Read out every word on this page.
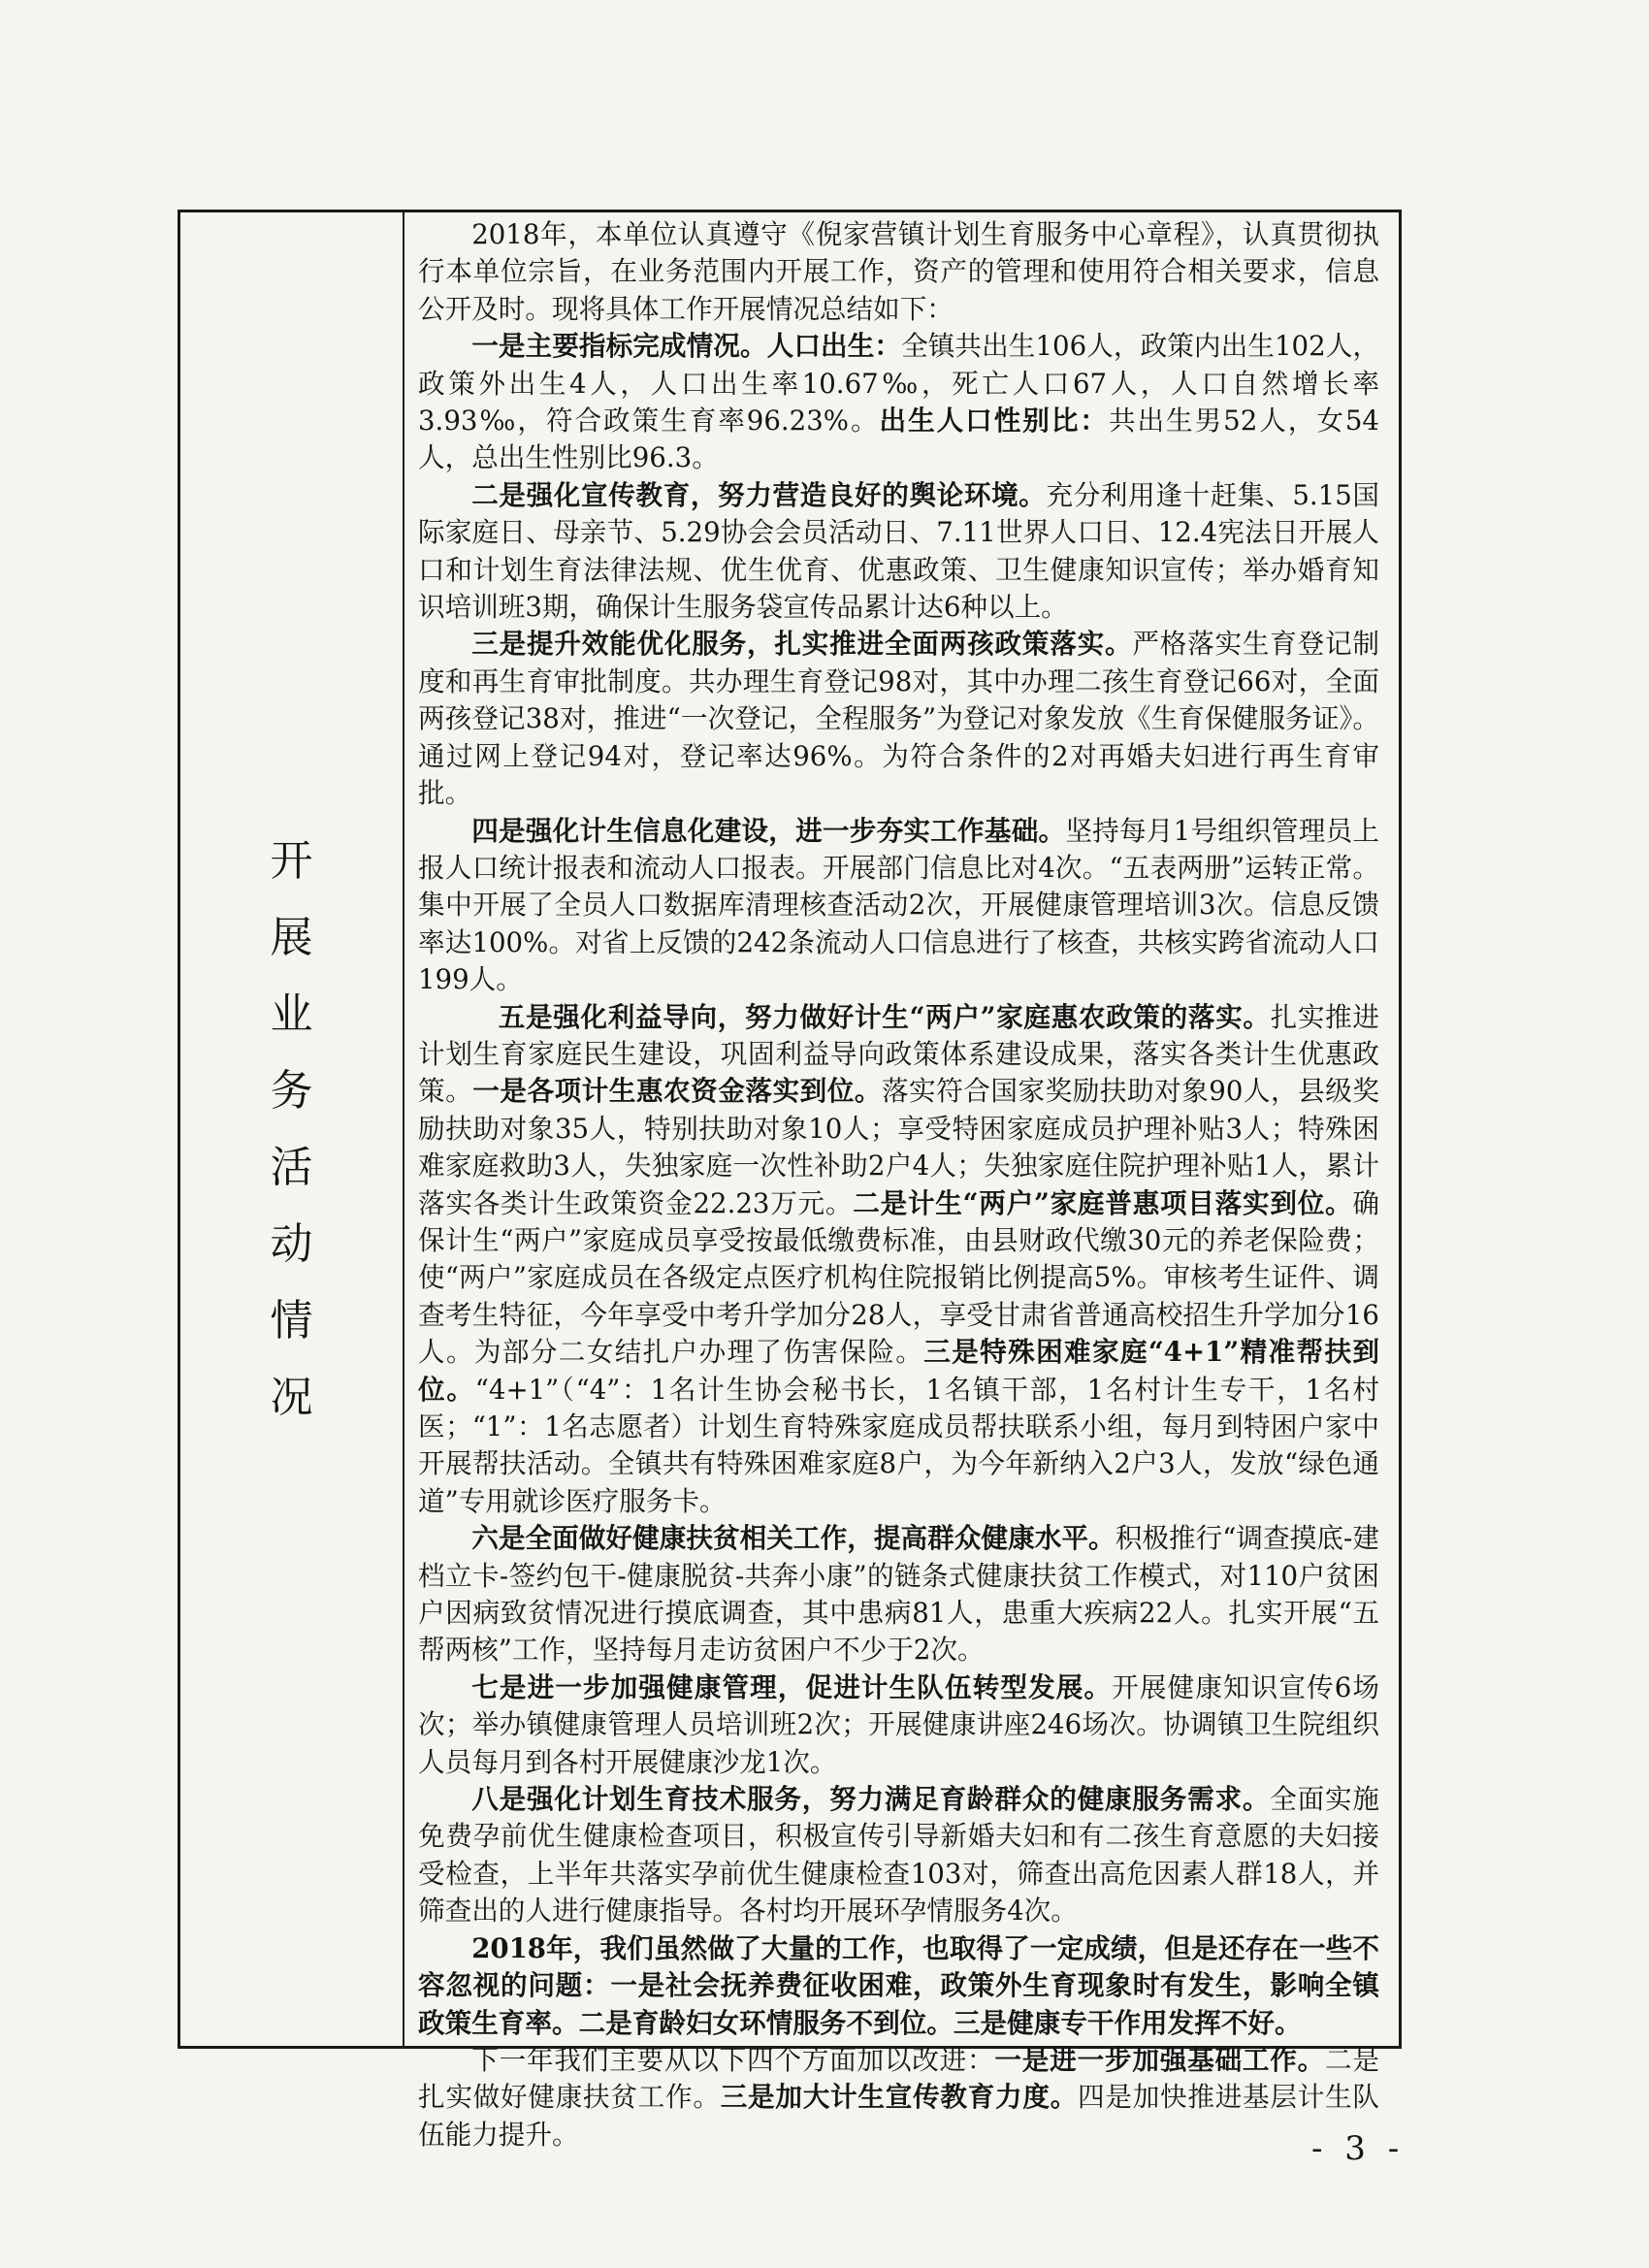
开
展
业
务
活
动
情
况

2018年，本单位认真遵守《倪家营镇计划生育服务中心章程》，认真贯彻执行本单位宗旨，在业务范围内开展工作，资产的管理和使用符合相关要求，信息公开及时。现将具体工作开展情况总结如下：

一是主要指标完成情况。人口出生：全镇共出生106人，政策内出生102人，政策外出生4人，人口出生率10.67‰，死亡人口67人，人口自然增长率3.93‰，符合政策生育率96.23%。出生人口性别比：共出生男52人，女54人，总出生性别比96.3。

二是强化宣传教育，努力营造良好的舆论环境。充分利用逢十赶集、5.15国际家庭日、母亲节、5.29协会会员活动日、7.11世界人口日、12.4宪法日开展人口和计划生育法律法规、优生优育、优惠政策、卫生健康知识宣传；举办婚育知识培训班3期，确保计生服务袋宣传品累计达6种以上。

三是提升效能优化服务，扎实推进全面两孩政策落实。严格落实生育登记制度和再生育审批制度。共办理生育登记98对，其中办理二孩生育登记66对，全面两孩登记38对，推进“一次登记，全程服务”为登记对象发放《生育保健服务证》。通过网上登记94对，登记率达96%。为符合条件的2对再婚夫妇进行再生育审批。

四是强化计生信息化建设，进一步夯实工作基础。坚持每月1号组织管理员上报人口统计报表和流动人口报表。开展部门信息比对4次。“五表两册”运转正常。集中开展了全员人口数据库清理核查活动2次，开展健康管理培训3次。信息反馈率达100%。对省上反馈的242条流动人口信息进行了核查，共核实跨省流动人口199人。

五是强化利益导向，努力做好计生“两户”家庭惠农政策的落实。扎实推进计划生育家庭民生建设，巩固利益导向政策体系建设成果，落实各类计生优惠政策。一是各项计生惠农资金落实到位。落实符合国家奖励扶助对象90人，县级奖励扶助对象35人，特别扶助对象10人；享受特困家庭成员护理补贴3人；特殊困难家庭救助3人，失独家庭一次性补助2户4人；失独家庭住院护理补贴1人，累计落实各类计生政策资金22.23万元。二是计生“两户”家庭普惠项目落实到位。确保计生“两户”家庭成员享受按最低缴费标准，由县财政代缴30元的养老保险费；使“两户”家庭成员在各级定点医疗机构住院报销比例提高5%。审核考生证件、调查考生特征，今年享受中考升学加分28人，享受甘肃省普通高校招生升学加分16人。为部分二女结扎户办理了伤害保险。三是特殊困难家庭“4+1”精准帮扶到位。“4+1”（“4”：1名计生协会秘书长，1名镇干部，1名村计生专干，1名村医；“1”：1名志愿者）计划生育特殊家庭成员帮扶联系小组，每月到特困户家中开展帮扶活动。全镇共有特殊困难家庭8户，为今年新纳入2户3人，发放“绿色通道”专用就诊医疗服务卡。

六是全面做好健康扶贫相关工作，提高群众健康水平。积极推行“调查摸底-建档立卡-签约包干-健康脱贫-共奔小康”的链条式健康扶贫工作模式，对110户贫困户因病致贫情况进行摸底调查，其中患病81人，患重大疾病22人。扎实开展“五帮两核”工作，坚持每月走访贫困户不少于2次。

七是进一步加强健康管理，促进计生队伍转型发展。开展健康知识宣传6场次；举办镇健康管理人员培训班2次；开展健康讲座246场次。协调镇卫生院组织人员每月到各村开展健康沙龙1次。

八是强化计划生育技术服务，努力满足育龄群众的健康服务需求。全面实施免费孕前优生健康检查项目，积极宣传引导新婚夫妇和有二孩生育意愿的夫妇接受检查，上半年共落实孕前优生健康检查103对，筛查出高危因素人群18人，并筛查出的人进行健康指导。各村均开展环孕情服务4次。

2018年，我们虽然做了大量的工作，也取得了一定成绩，但是还存在一些不容忽视的问题：一是社会抚养费征收困难，政策外生育现象时有发生，影响全镇政策生育率。二是育龄妇女环情服务不到位。三是健康专干作用发挥不好。

下一年我们主要从以下四个方面加以改进：一是进一步加强基础工作。二是扎实做好健康扶贫工作。三是加大计生宣传教育力度。四是加快推进基层计生队伍能力提升。	- 3 -
